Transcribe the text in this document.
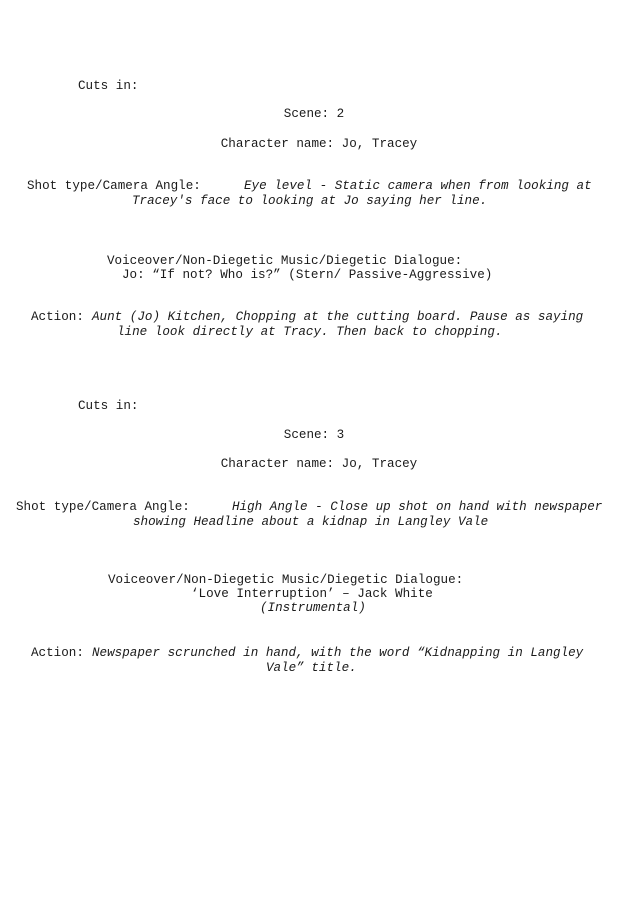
Cuts in:
Scene: 2
Character name: Jo, Tracey
Shot type/Camera Angle:	Eye level - Static camera when from looking at
Tracey's face to looking at Jo saying her line.
Voiceover/Non-Diegetic Music/Diegetic Dialogue:
Jo: “If not? Who is?” (Stern/ Passive-Aggressive)
Action: Aunt (Jo) Kitchen, Chopping at the cutting board. Pause as saying
line look directly at Tracy. Then back to chopping.
Cuts in:
Scene: 3
Character name: Jo, Tracey
Shot type/Camera Angle:	High Angle - Close up shot on hand with newspaper
showing Headline about a kidnap in Langley Vale
Voiceover/Non-Diegetic Music/Diegetic Dialogue:
‘Love Interruption’ – Jack White
(Instrumental)
Action: Newspaper scrunched in hand, with the word “Kidnapping in Langley
Vale” title.
